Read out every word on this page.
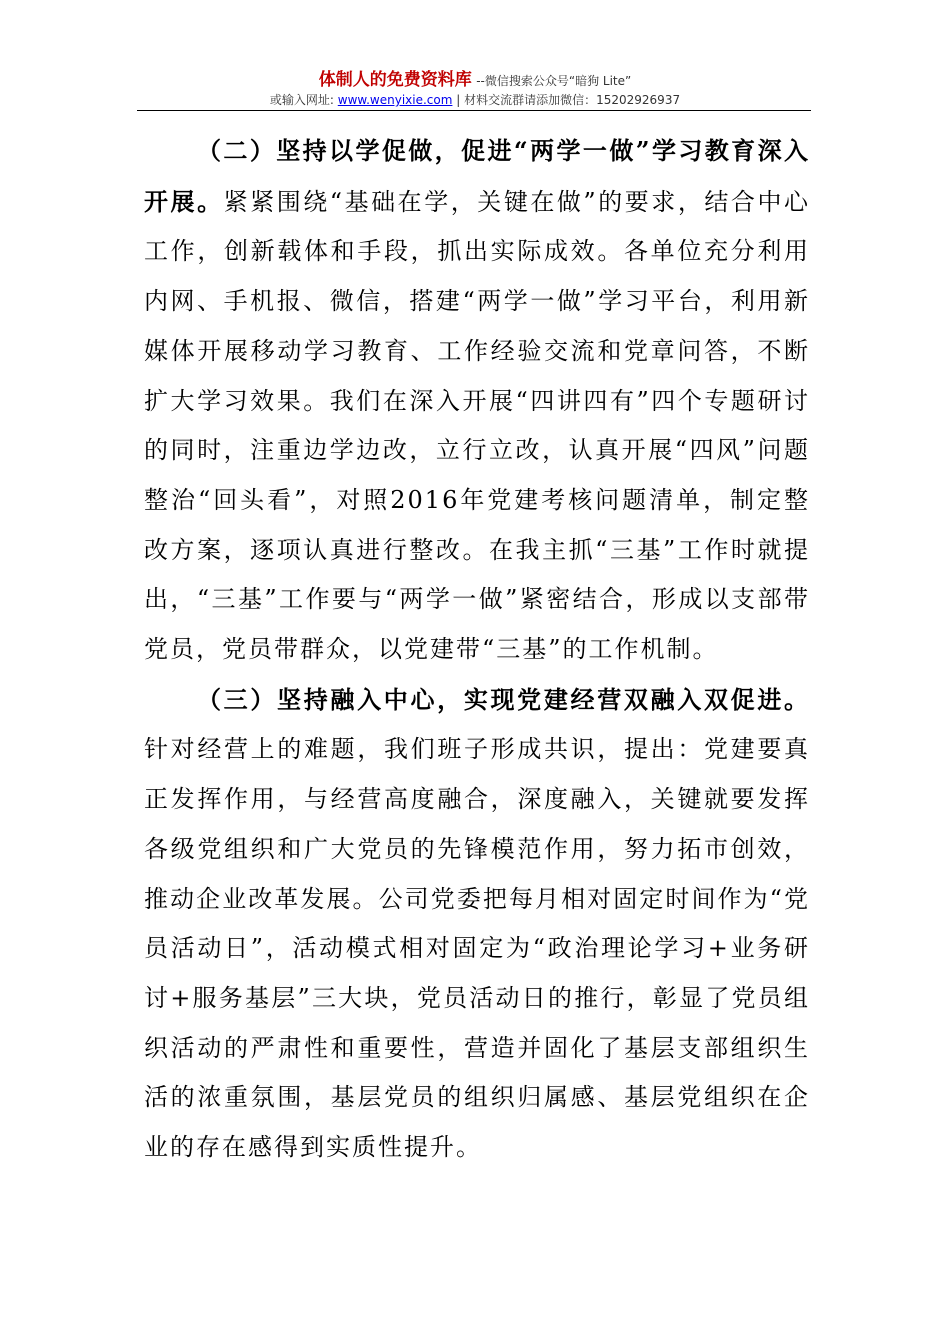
体制人的免费资料库 --微信搜索公众号“暗狗 Lite”
或输入网址: www.wenyixie.com | 材料交流群请添加微信：15202926937

（二）坚持以学促做，促进“两学一做”学习教育深入开展。紧紧围绕“基础在学，关键在做”的要求，结合中心工作，创新载体和手段，抓出实际成效。各单位充分利用内网、手机报、微信，搭建“两学一做”学习平台，利用新媒体开展移动学习教育、工作经验交流和党章问答，不断扩大学习效果。我们在深入开展“四讲四有”四个专题研讨的同时，注重边学边改，立行立改，认真开展“四风”问题整治“回头看”，对照2016年党建考核问题清单，制定整改方案，逐项认真进行整改。在我主抓“三基”工作时就提出，“三基”工作要与“两学一做”紧密结合，形成以支部带党员，党员带群众，以党建带“三基”的工作机制。

（三）坚持融入中心，实现党建经营双融入双促进。针对经营上的难题，我们班子形成共识，提出：党建要真正发挥作用，与经营高度融合，深度融入，关键就要发挥各级党组织和广大党员的先锋模范作用，努力拓市创效，推动企业改革发展。公司党委把每月相对固定时间作为“党员活动日”，活动模式相对固定为“政治理论学习+业务研讨+服务基层”三大块，党员活动日的推行，彰显了党员组织活动的严肃性和重要性，营造并固化了基层支部组织生活的浓重氛围，基层党员的组织归属感、基层党组织在企业的存在感得到实质性提升。
